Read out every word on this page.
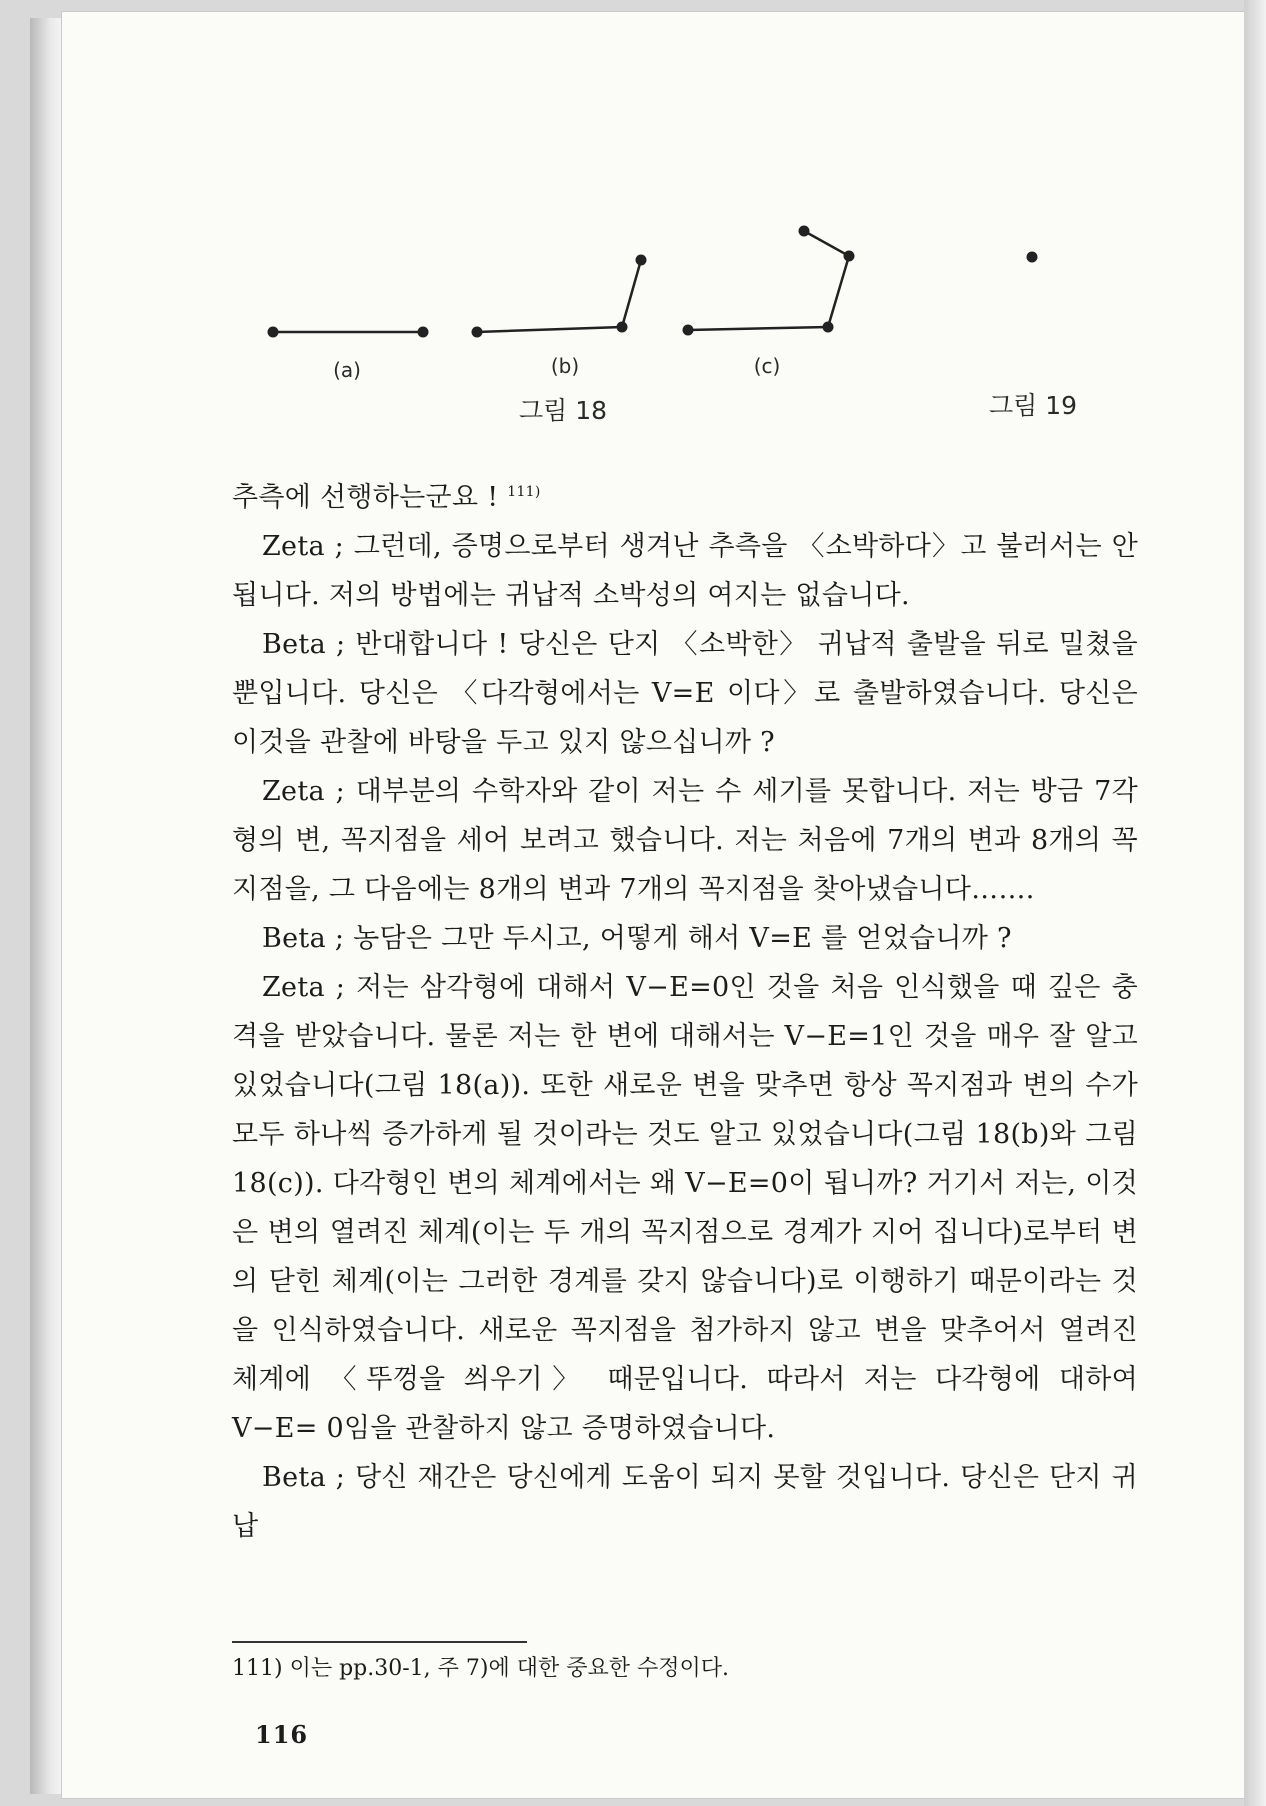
(a)	(b)	(c)
그림 18	그림 19

추측에 선행하는군요 ! $^{111)}$

Zeta ; 그런데, 증명으로부터 생겨난 추측을 〈소박하다〉고 불러서는 안 됩니다. 저의 방법에는 귀납적 소박성의 여지는 없습니다.

Beta ; 반대합니다 ! 당신은 단지 〈소박한〉 귀납적 출발을 뒤로 밀쳤을 뿐입니다. 당신은 〈다각형에서는 V=E 이다〉로 출발하였습니다. 당신은 이것을 관찰에 바탕을 두고 있지 않으십니까 ?

Zeta ; 대부분의 수학자와 같이 저는 수 세기를 못합니다. 저는 방금 7각형의 변, 꼭지점을 세어 보려고 했습니다. 저는 처음에 7개의 변과 8개의 꼭지점을, 그 다음에는 8개의 변과 7개의 꼭지점을 찾아냈습니다…….

Beta ; 농담은 그만 두시고, 어떻게 해서 V=E 를 얻었습니까 ?

Zeta ; 저는 삼각형에 대해서 V−E=0인 것을 처음 인식했을 때 깊은 충격을 받았습니다. 물론 저는 한 변에 대해서는 V−E=1인 것을 매우 잘 알고 있었습니다(그림 18(a)). 또한 새로운 변을 맞추면 항상 꼭지점과 변의 수가 모두 하나씩 증가하게 될 것이라는 것도 알고 있었습니다(그림 18(b)와 그림 18(c)). 다각형인 변의 체계에서는 왜 V−E=0이 됩니까? 거기서 저는, 이것은 변의 열려진 체계(이는 두 개의 꼭지점으로 경계가 지어 집니다)로부터 변의 닫힌 체계(이는 그러한 경계를 갖지 않습니다)로 이행하기 때문이라는 것을 인식하였습니다. 새로운 꼭지점을 첨가하지 않고 변을 맞추어서 열려진 체계에 〈뚜껑을 씌우기〉 때문입니다. 따라서 저는 다각형에 대하여 V−E= 0임을 관찰하지 않고 증명하였습니다.

Beta ; 당신 재간은 당신에게 도움이 되지 못할 것입니다. 당신은 단지 귀납

111) 이는 pp.30-1, 주 7)에 대한 중요한 수정이다.
116
